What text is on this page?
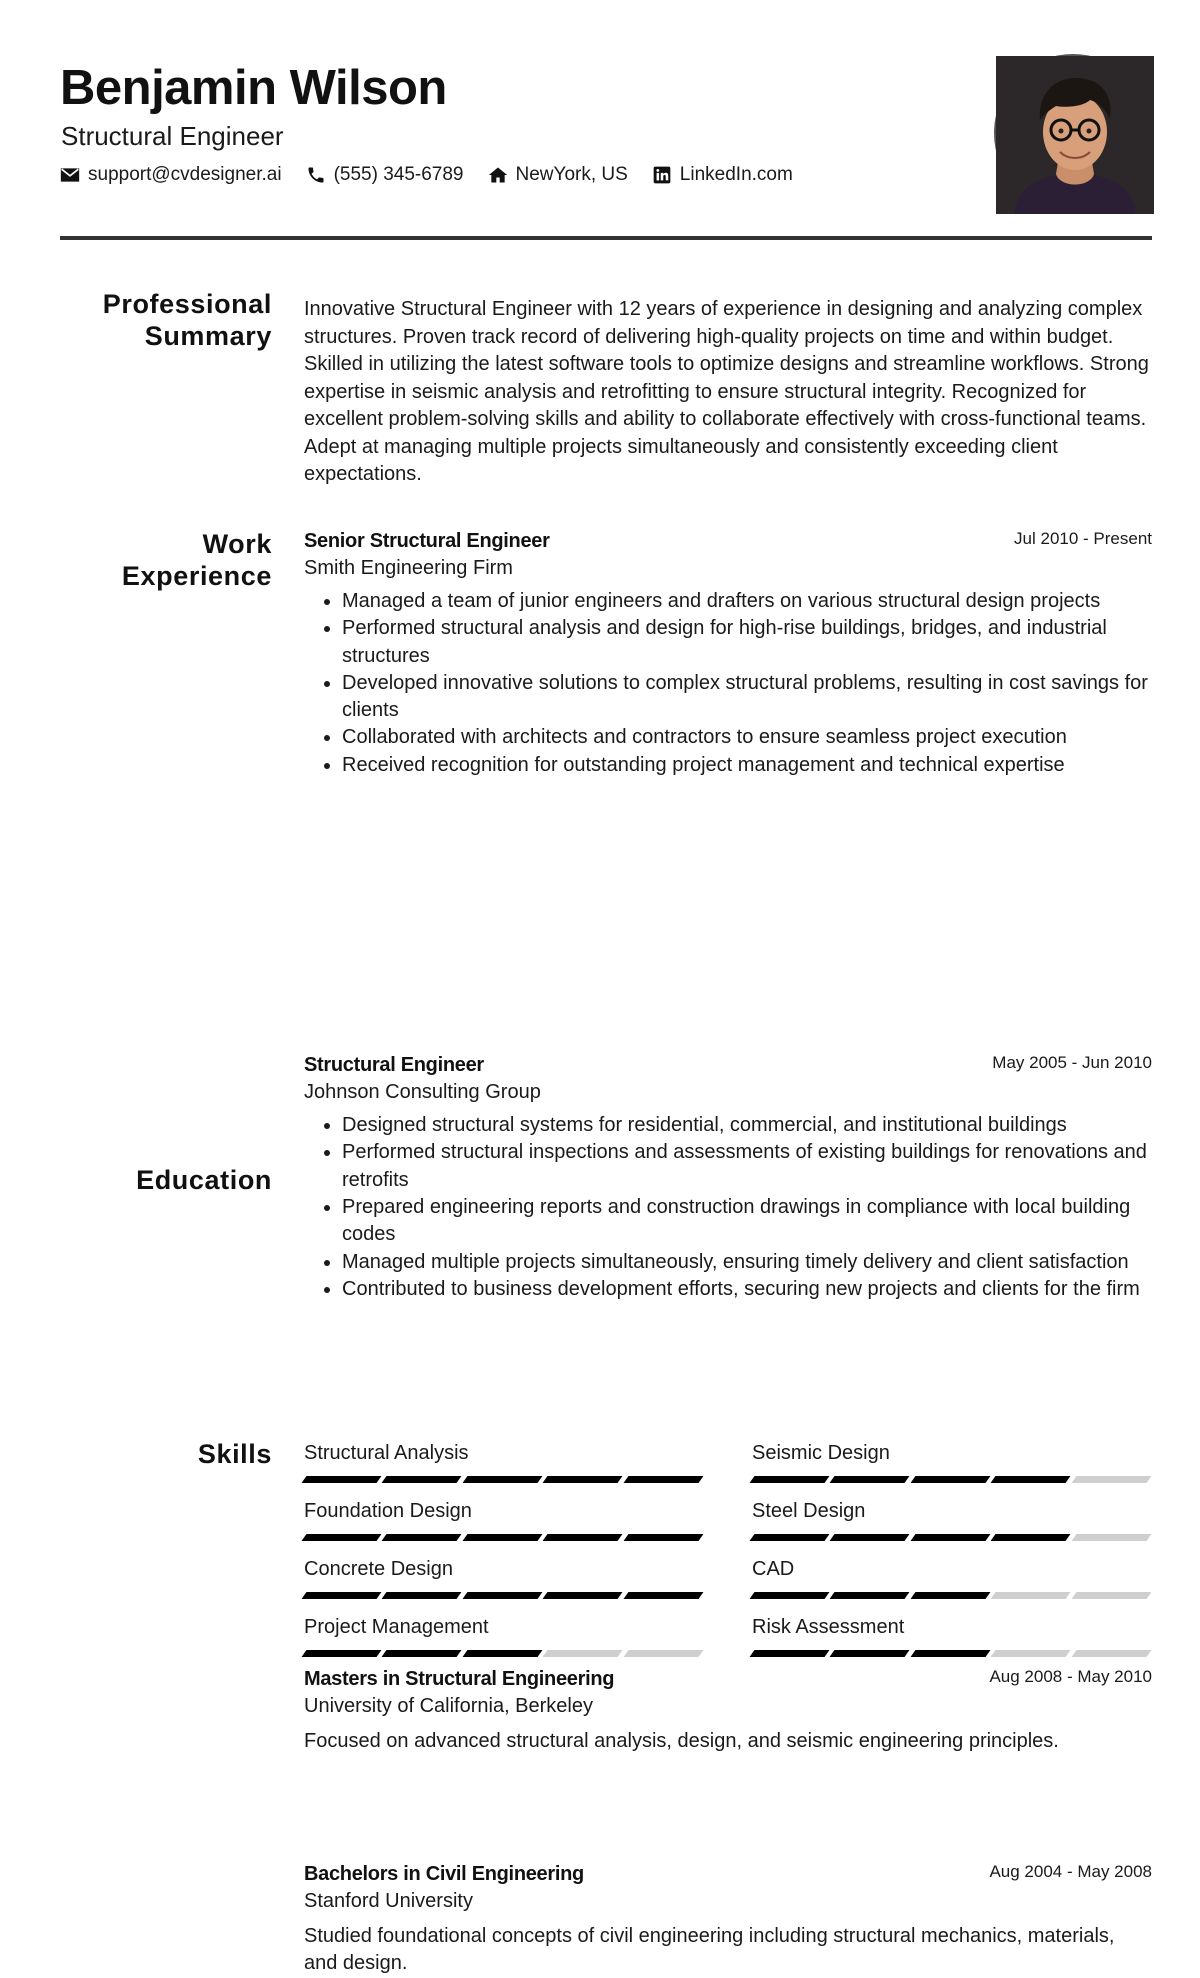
Benjamin Wilson
Structural Engineer
support@cvdesigner.ai	(555) 345-6789	NewYork, US	LinkedIn.com
Professional
Summary
Innovative Structural Engineer with 12 years of experience in designing and analyzing complex structures. Proven track record of delivering high-quality projects on time and within budget. Skilled in utilizing the latest software tools to optimize designs and streamline workflows. Strong expertise in seismic analysis and retrofitting to ensure structural integrity. Recognized for excellent problem-solving skills and ability to collaborate effectively with cross-functional teams. Adept at managing multiple projects simultaneously and consistently exceeding client expectations.
Work
Experience
Senior Structural Engineer
Smith Engineering Firm
Jul 2010 - Present
• Managed a team of junior engineers and drafters on various structural design projects
• Performed structural analysis and design for high-rise buildings, bridges, and industrial structures
• Developed innovative solutions to complex structural problems, resulting in cost savings for clients
• Collaborated with architects and contractors to ensure seamless project execution
• Received recognition for outstanding project management and technical expertise
Structural Engineer
Johnson Consulting Group
May 2005 - Jun 2010
• Designed structural systems for residential, commercial, and institutional buildings
• Performed structural inspections and assessments of existing buildings for renovations and retrofits
• Prepared engineering reports and construction drawings in compliance with local building codes
• Managed multiple projects simultaneously, ensuring timely delivery and client satisfaction
• Contributed to business development efforts, securing new projects and clients for the firm
Education
Masters in Structural Engineering
University of California, Berkeley
Aug 2008 - May 2010
Focused on advanced structural analysis, design, and seismic engineering principles.
Bachelors in Civil Engineering
Stanford University
Aug 2004 - May 2008
Studied foundational concepts of civil engineering including structural mechanics, materials, and design.
Skills Structural Analysis	Seismic Design
Foundation Design	Steel Design
Concrete Design	CAD
Project Management	Risk Assessment
